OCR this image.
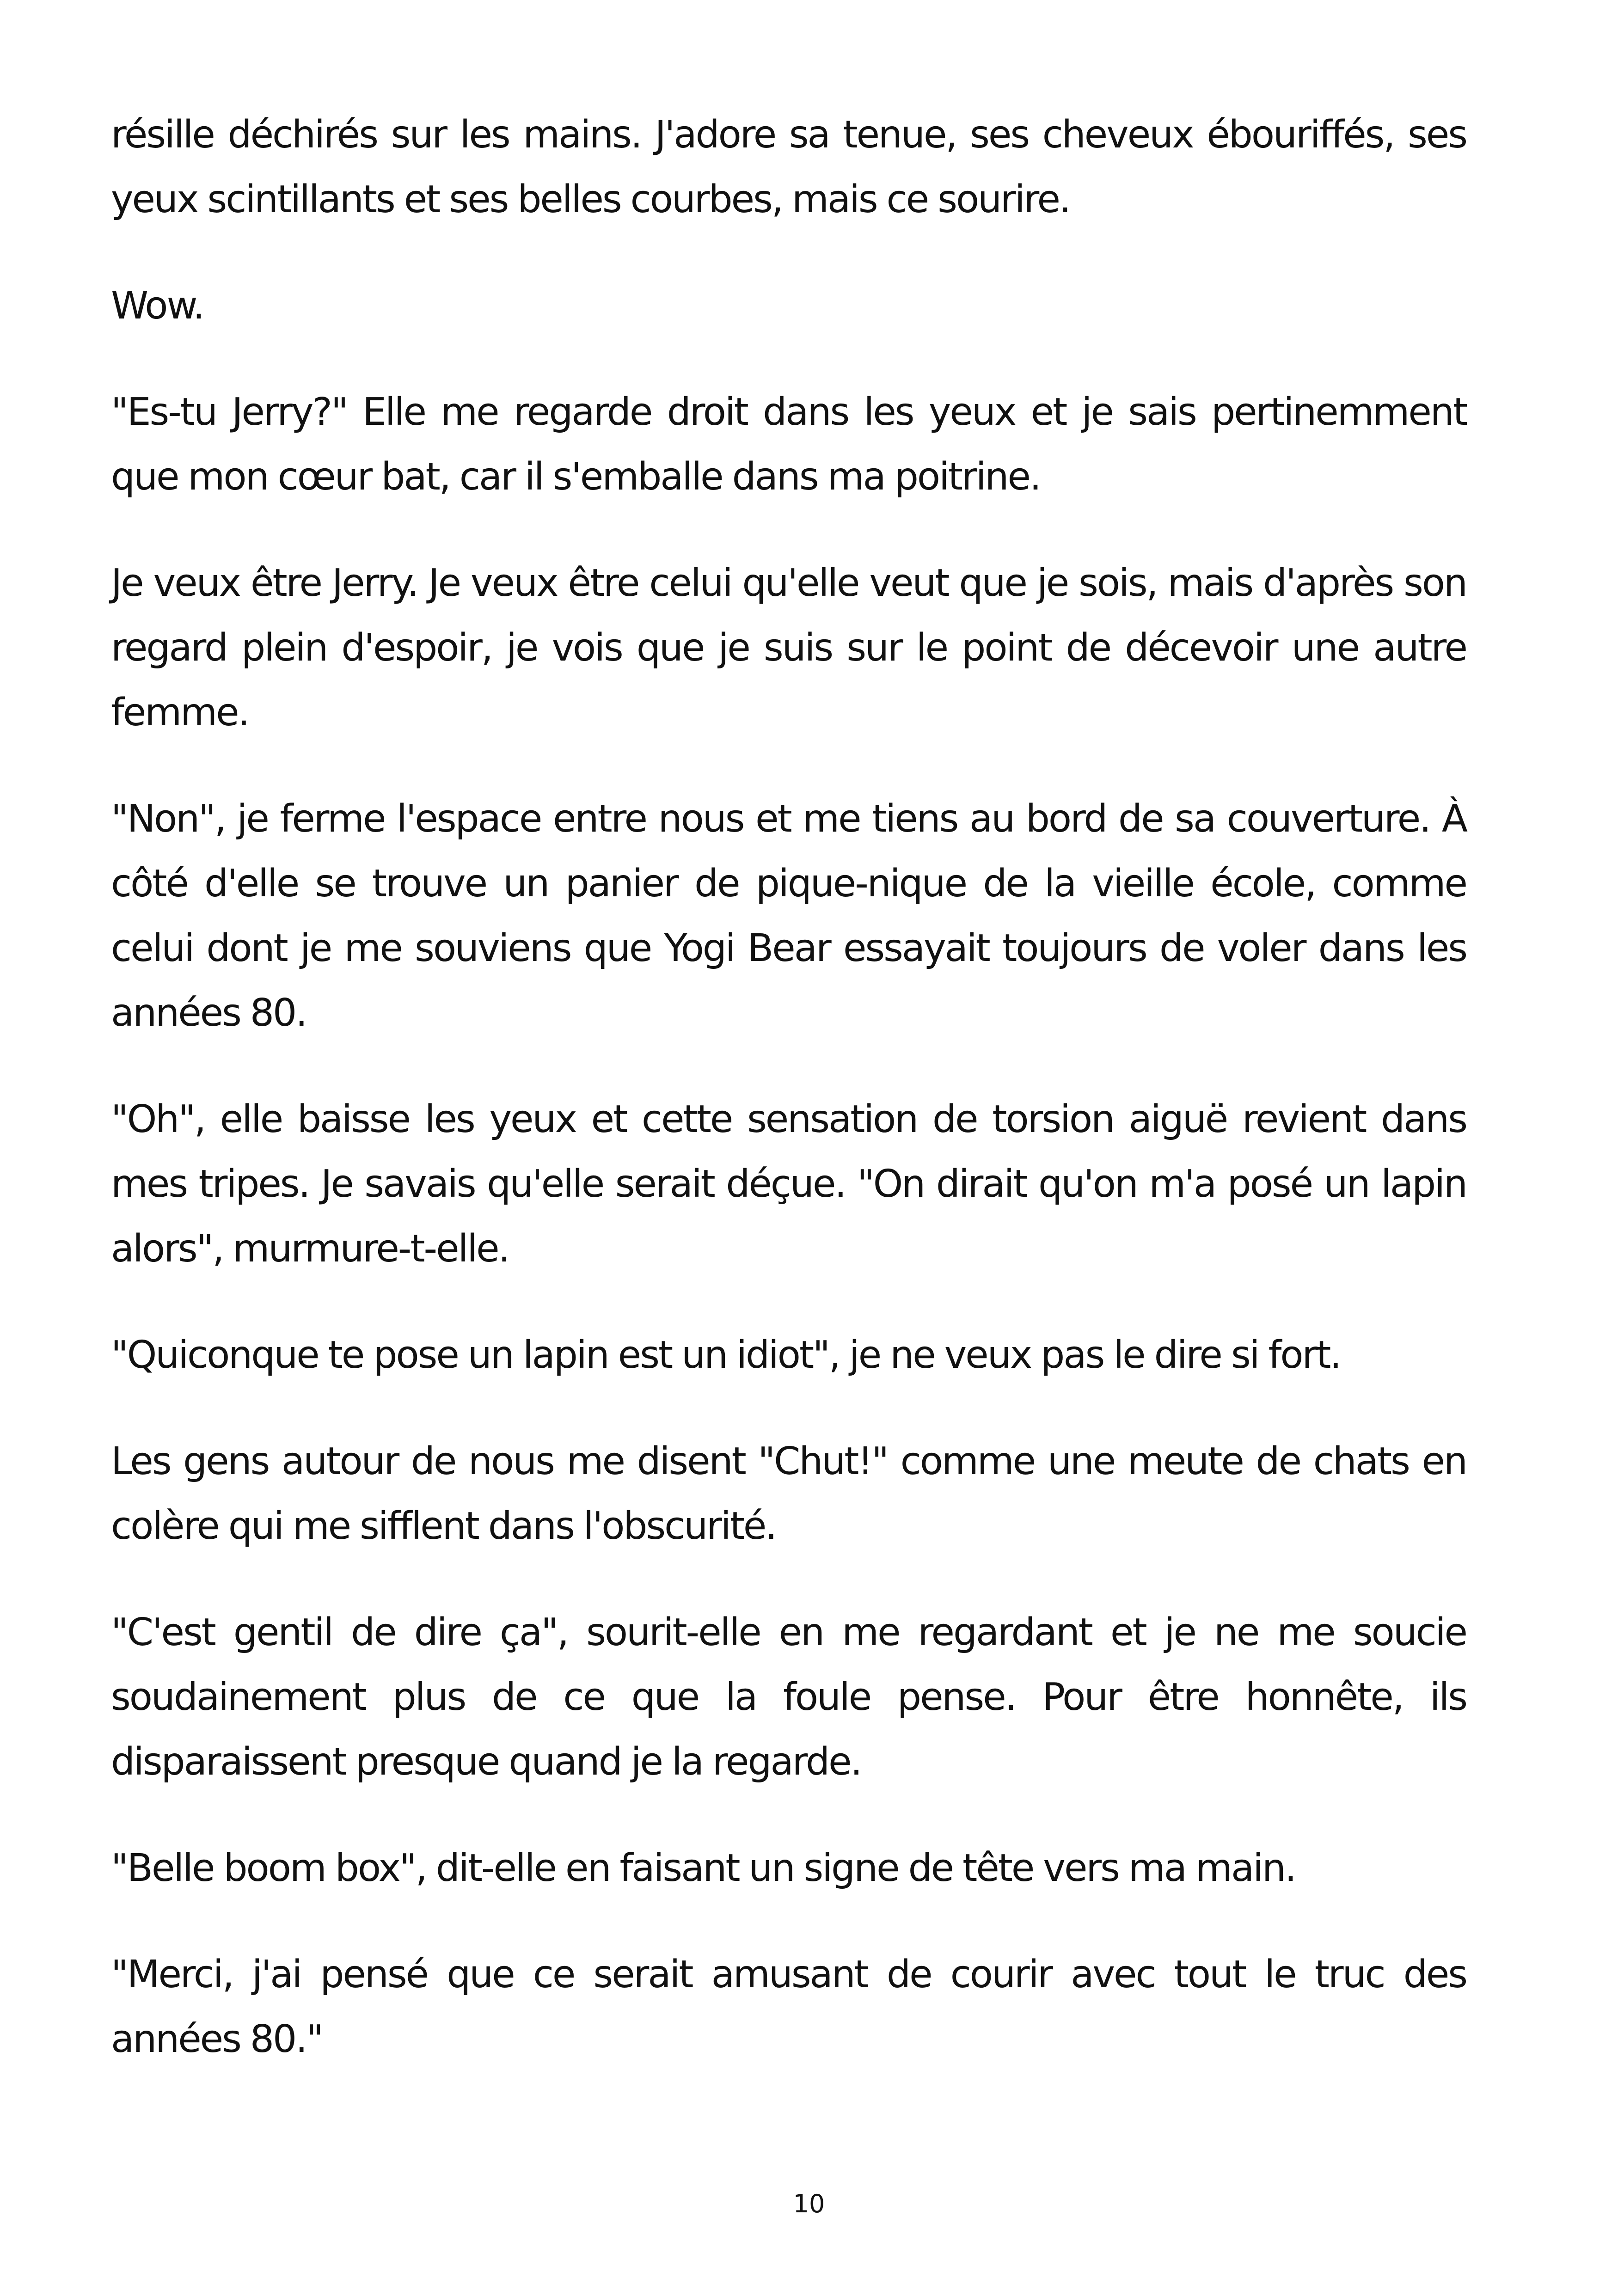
résille déchirés sur les mains. J'adore sa tenue, ses cheveux ébouriffés, ses yeux scintillants et ses belles courbes, mais ce sourire.

Wow.

"Es-tu Jerry?" Elle me regarde droit dans les yeux et je sais pertinemment que mon cœur bat, car il s'emballe dans ma poitrine.

Je veux être Jerry. Je veux être celui qu'elle veut que je sois, mais d'après son regard plein d'espoir, je vois que je suis sur le point de décevoir une autre femme.

"Non", je ferme l'espace entre nous et me tiens au bord de sa couverture. À côté d'elle se trouve un panier de pique-nique de la vieille école, comme celui dont je me souviens que Yogi Bear essayait toujours de voler dans les années 80.

"Oh", elle baisse les yeux et cette sensation de torsion aiguë revient dans mes tripes. Je savais qu'elle serait déçue. "On dirait qu'on m'a posé un lapin alors", murmure-t-elle.

"Quiconque te pose un lapin est un idiot", je ne veux pas le dire si fort.

Les gens autour de nous me disent "Chut!" comme une meute de chats en colère qui me sifflent dans l'obscurité.

"C'est gentil de dire ça", sourit-elle en me regardant et je ne me soucie soudainement plus de ce que la foule pense. Pour être honnête, ils disparaissent presque quand je la regarde.

"Belle boom box", dit-elle en faisant un signe de tête vers ma main.

"Merci, j'ai pensé que ce serait amusant de courir avec tout le truc des années 80."

10
